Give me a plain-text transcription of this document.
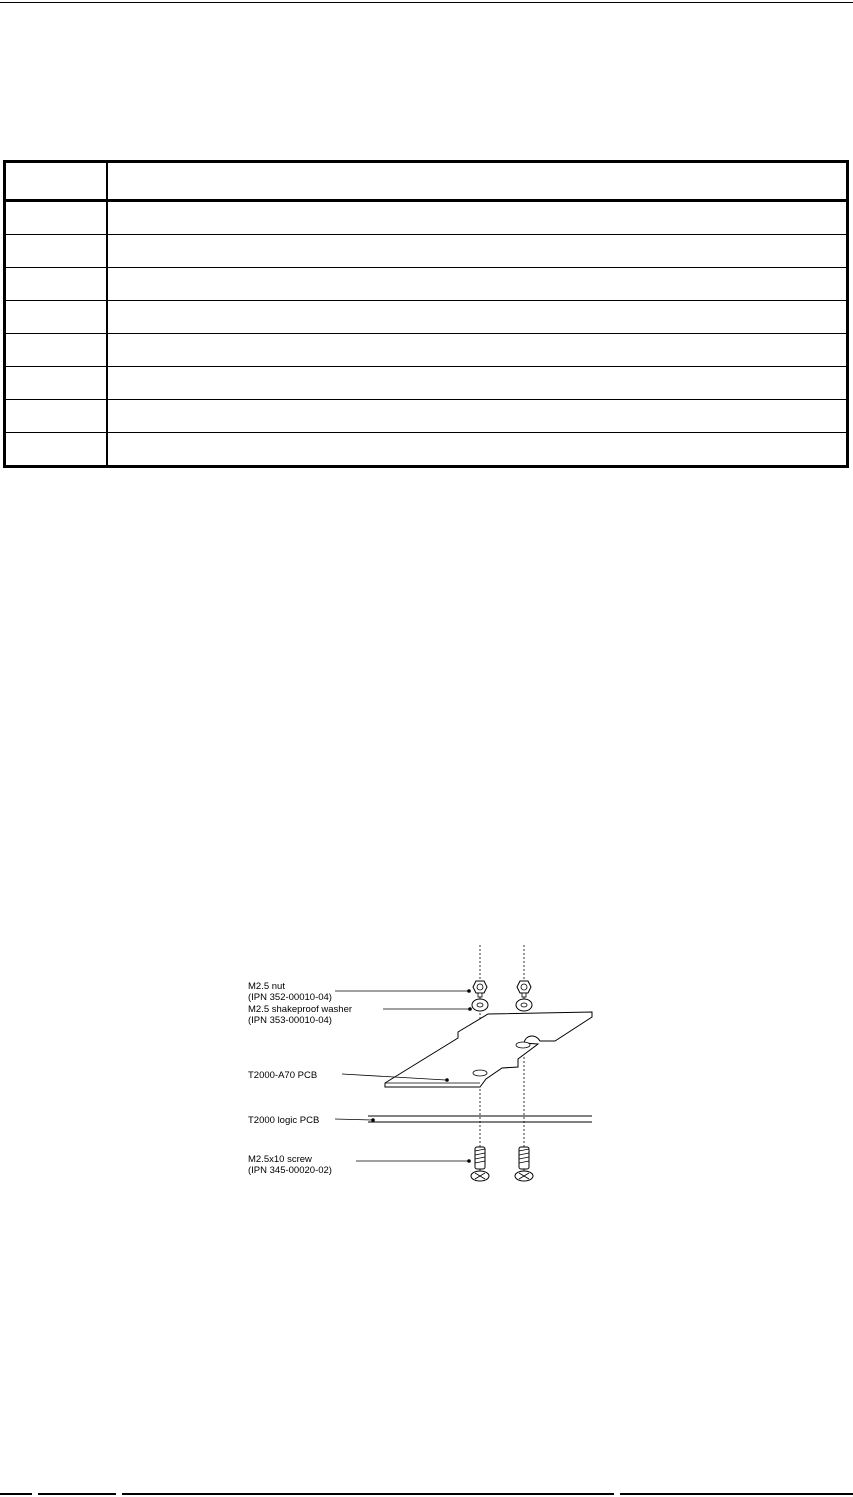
M2.5 nut
(IPN 352-00010-04)
M2.5 shakeproof washer
(IPN 353-00010-04)
T2000-A70 PCB
T2000 logic PCB
M2.5x10 screw
(IPN 345-00020-02)
